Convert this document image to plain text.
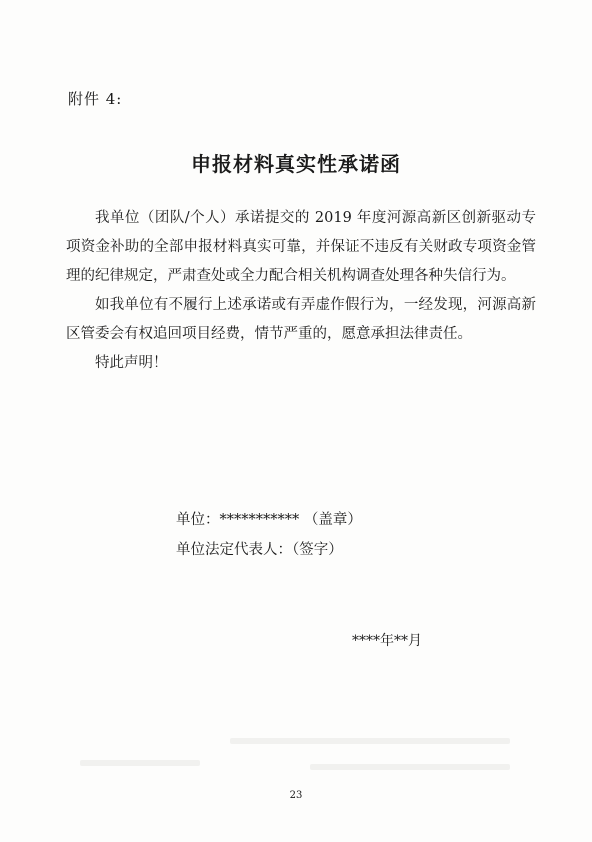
附件 4:
申报材料真实性承诺函

我单位（团队/个人）承诺提交的 2019 年度河源高新区创新驱动专项资金补助的全部申报材料真实可靠，并保证不违反有关财政专项资金管理的纪律规定，严肃查处或全力配合相关机构调查处理各种失信行为。

如我单位有不履行上述承诺或有弄虚作假行为，一经发现，河源高新区管委会有权追回项目经费，情节严重的，愿意承担法律责任。

特此声明！

单位：*********** （盖章）
单位法定代表人：（签字）
****年**月
23
